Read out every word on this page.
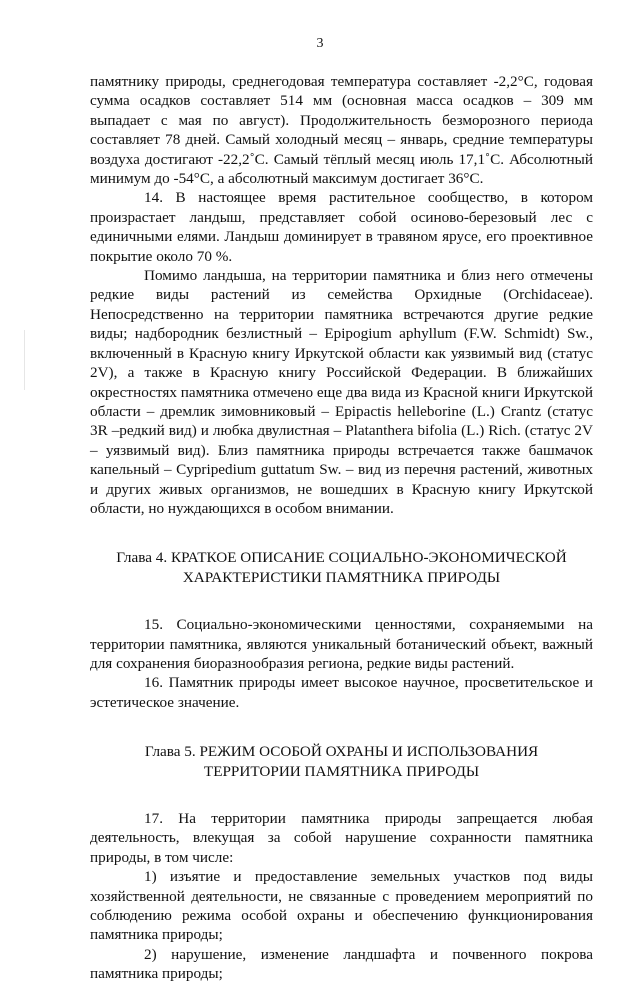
3

памятнику природы, среднегодовая температура составляет -2,2°С, годовая сумма осадков составляет 514 мм (основная масса осадков – 309 мм выпадает с мая по август). Продолжительность безморозного периода составляет 78 дней. Самый холодный месяц – январь, средние температуры воздуха достигают -22,2˚С. Самый тёплый месяц июль 17,1˚С. Абсолютный минимум до -54°С, а абсолютный максимум достигает 36°С.

14. В настоящее время растительное сообщество, в котором произрастает ландыш, представляет собой осиново-березовый лес с единичными елями. Ландыш доминирует в травяном ярусе, его проективное покрытие около 70 %.

Помимо ландыша, на территории памятника и близ него отмечены редкие виды растений из семейства Орхидные (Orchidaceae). Непосредственно на территории памятника встречаются другие редкие виды; надбородник безлистный – Epipogium aphyllum (F.W. Schmidt) Sw., включенный в Красную книгу Иркутской области как уязвимый вид (статус 2V), а также в Красную книгу Российской Федерации. В ближайших окрестностях памятника отмечено еще два вида из Красной книги Иркутской области – дремлик зимовниковый – Epipactis helleborine (L.) Crantz (статус 3R –редкий вид) и любка двулистная – Platanthera bifolia (L.) Rich. (статус 2V – уязвимый вид). Близ памятника природы встречается также башмачок капельный – Cypripedium guttatum Sw. – вид из перечня растений, животных и других живых организмов, не вошедших в Красную книгу Иркутской области, но нуждающихся в особом внимании.

Глава 4. КРАТКОЕ ОПИСАНИЕ СОЦИАЛЬНО-ЭКОНОМИЧЕСКОЙ
ХАРАКТЕРИСТИКИ ПАМЯТНИКА ПРИРОДЫ

15. Социально-экономическими ценностями, сохраняемыми на территории памятника, являются уникальный ботанический объект, важный для сохранения биоразнообразия региона, редкие виды растений.

16. Памятник природы имеет высокое научное, просветительское и эстетическое значение.

Глава 5. РЕЖИМ ОСОБОЙ ОХРАНЫ И ИСПОЛЬЗОВАНИЯ
ТЕРРИТОРИИ ПАМЯТНИКА ПРИРОДЫ

17. На территории памятника природы запрещается любая деятельность, влекущая за собой нарушение сохранности памятника природы, в том числе:

1) изъятие и предоставление земельных участков под виды хозяйственной деятельности, не связанные с проведением мероприятий по соблюдению режима особой охраны и обеспечению функционирования памятника природы;

2) нарушение, изменение ландшафта и почвенного покрова памятника природы;
